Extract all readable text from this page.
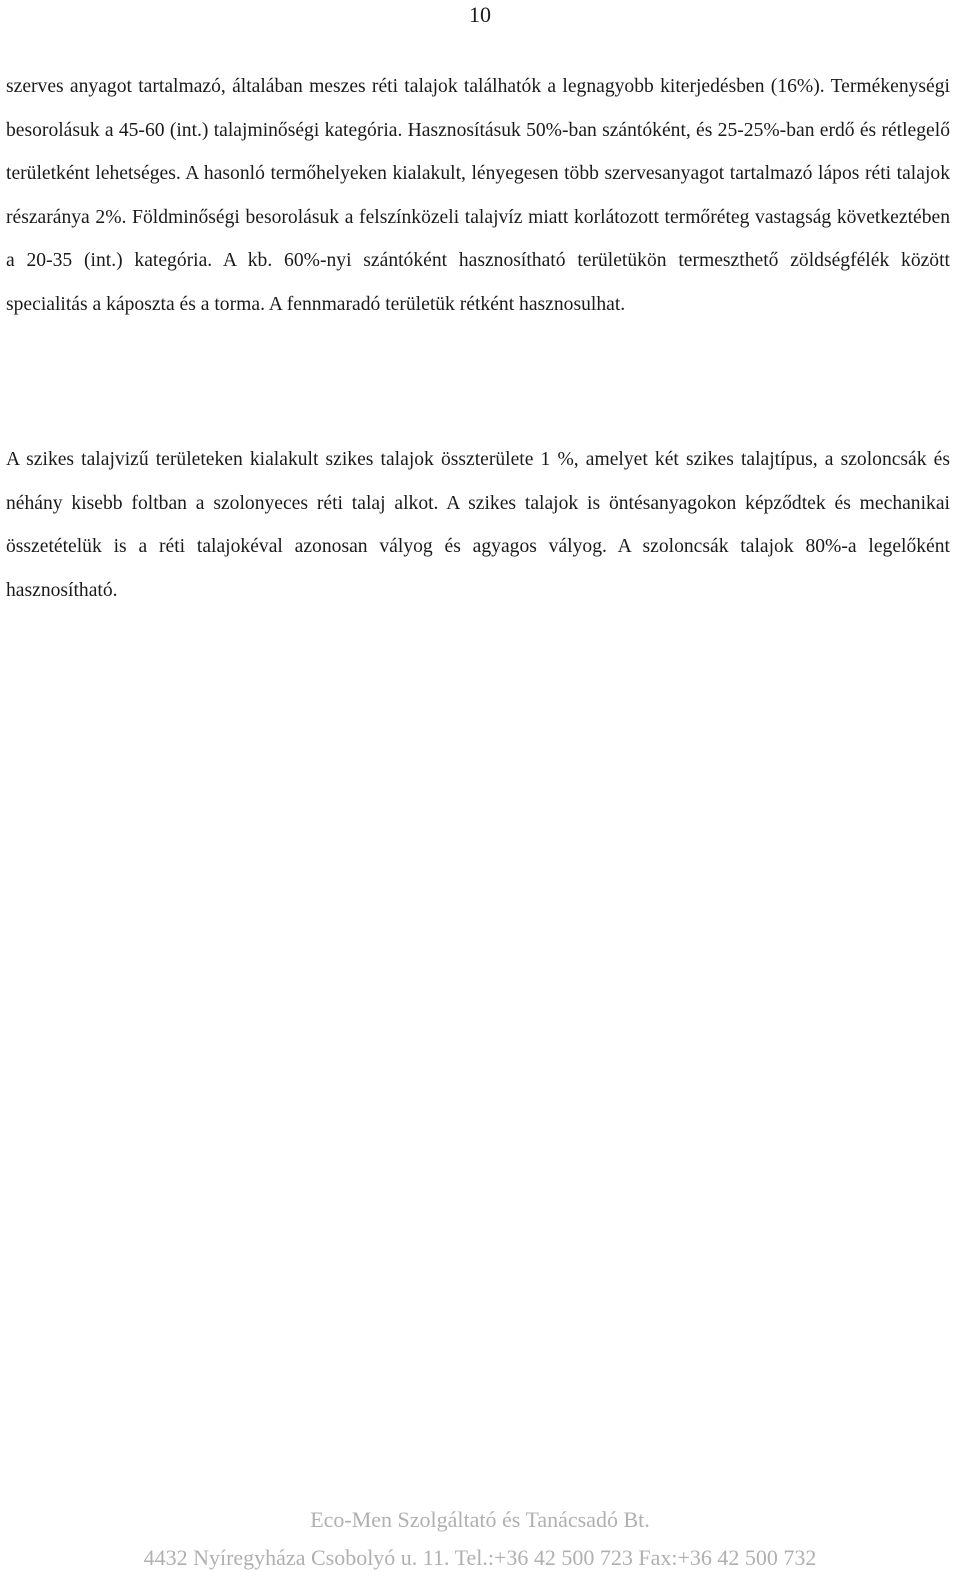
10

szerves anyagot tartalmazó, általában meszes réti talajok találhatók a legnagyobb kiterjedésben (16%). Termékenységi besorolásuk a 45-60 (int.) talajminőségi kategória. Hasznosításuk 50%-ban szántóként, és 25-25%-ban erdő és rétlegelő területként lehetséges. A hasonló termőhelyeken kialakult, lényegesen több szervesanyagot tartalmazó lápos réti talajok részaránya 2%. Földminőségi besorolásuk a felszínközeli talajvíz miatt korlátozott termőréteg vastagság következtében a 20-35 (int.) kategória. A kb. 60%-nyi szántóként hasznosítható területükön termeszthető zöldségfélék között specialitás a káposzta és a torma. A fennmaradó területük rétként hasznosulhat.

A szikes talajvizű területeken kialakult szikes talajok összterülete 1 %, amelyet két szikes talajtípus, a szoloncsák és néhány kisebb foltban a szolonyeces réti talaj alkot. A szikes talajok is öntésanyagokon képződtek és mechanikai összetételük is a réti talajokéval azonosan vályog és agyagos vályog. A szoloncsák talajok 80%-a legelőként hasznosítható.

Eco-Men Szolgáltató és Tanácsadó Bt.
4432 Nyíregyháza Csobolyó u. 11. Tel.:+36 42 500 723 Fax:+36 42 500 732
